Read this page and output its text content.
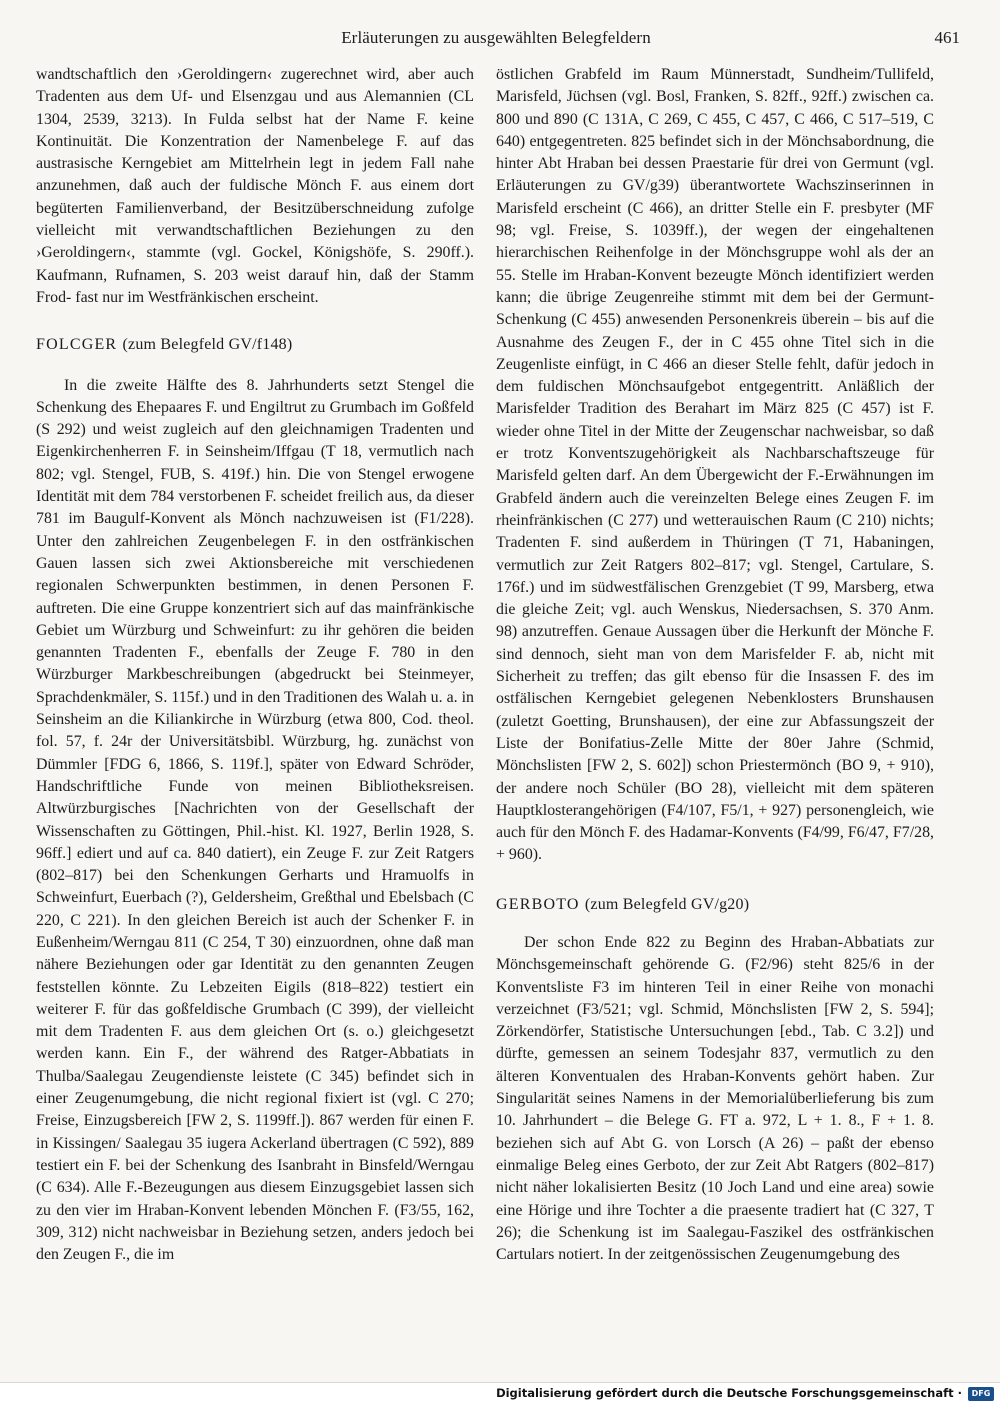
Erläuterungen zu ausgewählten Belegfeldern	461

wandtschaftlich den ›Geroldingern‹ zugerechnet wird, aber auch Tradenten aus dem Uf- und Elsenzgau und aus Alemannien (CL 1304, 2539, 3213). In Fulda selbst hat der Name F. keine Kontinuität. Die Konzentration der Namenbelege F. auf das austrasische Kerngebiet am Mittelrhein legt in jedem Fall nahe anzunehmen, daß auch der fuldische Mönch F. aus einem dort begüterten Familienverband, der Besitzüberschneidung zufolge vielleicht mit verwandtschaftlichen Beziehungen zu den ›Geroldingern‹, stammte (vgl. Gockel, Königshöfe, S. 290ff.). Kaufmann, Rufnamen, S. 203 weist darauf hin, daß der Stamm Frod- fast nur im Westfränkischen erscheint.

FOLCGER (zum Belegfeld GV/f148)

In die zweite Hälfte des 8. Jahrhunderts setzt Stengel die Schenkung des Ehepaares F. und Engiltrut zu Grumbach im Goßfeld (S 292) und weist zugleich auf den gleichnamigen Tradenten und Eigenkirchenherren F. in Seinsheim/Iffgau (T 18, vermutlich nach 802; vgl. Stengel, FUB, S. 419f.) hin. Die von Stengel erwogene Identität mit dem 784 verstorbenen F. scheidet freilich aus, da dieser 781 im Baugulf-Konvent als Mönch nachzuweisen ist (F1/228). Unter den zahlreichen Zeugenbelegen F. in den ostfränkischen Gauen lassen sich zwei Aktionsbereiche mit verschiedenen regionalen Schwerpunkten bestimmen, in denen Personen F. auftreten. Die eine Gruppe konzentriert sich auf das mainfränkische Gebiet um Würzburg und Schweinfurt: zu ihr gehören die beiden genannten Tradenten F., ebenfalls der Zeuge F. 780 in den Würzburger Markbeschreibungen (abgedruckt bei Steinmeyer, Sprachdenkmäler, S. 115f.) und in den Traditionen des Walah u. a. in Seinsheim an die Kiliankirche in Würzburg (etwa 800, Cod. theol. fol. 57, f. 24r der Universitätsbibl. Würzburg, hg. zunächst von Dümmler [FDG 6, 1866, S. 119f.], später von Edward Schröder, Handschriftliche Funde von meinen Bibliotheksreisen. Altwürzburgisches [Nachrichten von der Gesellschaft der Wissenschaften zu Göttingen, Phil.-hist. Kl. 1927, Berlin 1928, S. 96ff.] ediert und auf ca. 840 datiert), ein Zeuge F. zur Zeit Ratgers (802–817) bei den Schenkungen Gerharts und Hramuolfs in Schweinfurt, Euerbach (?), Geldersheim, Greßthal und Ebelsbach (C 220, C 221). In den gleichen Bereich ist auch der Schenker F. in Eußenheim/Werngau 811 (C 254, T 30) einzuordnen, ohne daß man nähere Beziehungen oder gar Identität zu den genannten Zeugen feststellen könnte. Zu Lebzeiten Eigils (818–822) testiert ein weiterer F. für das goßfeldische Grumbach (C 399), der vielleicht mit dem Tradenten F. aus dem gleichen Ort (s. o.) gleichgesetzt werden kann. Ein F., der während des Ratger-Abbatiats in Thulba/Saalegau Zeugendienste leistete (C 345) befindet sich in einer Zeugenumgebung, die nicht regional fixiert ist (vgl. C 270; Freise, Einzugsbereich [FW 2, S. 1199ff.]). 867 werden für einen F. in Kissingen/ Saalegau 35 iugera Ackerland übertragen (C 592), 889 testiert ein F. bei der Schenkung des Isanbraht in Binsfeld/Werngau (C 634). Alle F.-Bezeugungen aus diesem Einzugsgebiet lassen sich zu den vier im Hraban-Konvent lebenden Mönchen F. (F3/55, 162, 309, 312) nicht nachweisbar in Beziehung setzen, anders jedoch bei den Zeugen F., die im

östlichen Grabfeld im Raum Münnerstadt, Sundheim/Tullifeld, Marisfeld, Jüchsen (vgl. Bosl, Franken, S. 82ff., 92ff.) zwischen ca. 800 und 890 (C 131A, C 269, C 455, C 457, C 466, C 517–519, C 640) entgegentreten. 825 befindet sich in der Mönchsabordnung, die hinter Abt Hraban bei dessen Praestarie für drei von Germunt (vgl. Erläuterungen zu GV/g39) überantwortete Wachszinserinnen in Marisfeld erscheint (C 466), an dritter Stelle ein F. presbyter (MF 98; vgl. Freise, S. 1039ff.), der wegen der eingehaltenen hierarchischen Reihenfolge in der Mönchsgruppe wohl als der an 55. Stelle im Hraban-Konvent bezeugte Mönch identifiziert werden kann; die übrige Zeugenreihe stimmt mit dem bei der Germunt-Schenkung (C 455) anwesenden Personenkreis überein – bis auf die Ausnahme des Zeugen F., der in C 455 ohne Titel sich in die Zeugenliste einfügt, in C 466 an dieser Stelle fehlt, dafür jedoch in dem fuldischen Mönchsaufgebot entgegentritt. Anläßlich der Marisfelder Tradition des Berahart im März 825 (C 457) ist F. wieder ohne Titel in der Mitte der Zeugenschar nachweisbar, so daß er trotz Konventszugehörigkeit als Nachbarschaftszeuge für Marisfeld gelten darf. An dem Übergewicht der F.-Erwähnungen im Grabfeld ändern auch die vereinzelten Belege eines Zeugen F. im rheinfränkischen (C 277) und wetterauischen Raum (C 210) nichts; Tradenten F. sind außerdem in Thüringen (T 71, Habaningen, vermutlich zur Zeit Ratgers 802–817; vgl. Stengel, Cartulare, S. 176f.) und im südwestfälischen Grenzgebiet (T 99, Marsberg, etwa die gleiche Zeit; vgl. auch Wenskus, Niedersachsen, S. 370 Anm. 98) anzutreffen. Genaue Aussagen über die Herkunft der Mönche F. sind dennoch, sieht man von dem Marisfelder F. ab, nicht mit Sicherheit zu treffen; das gilt ebenso für die Insassen F. des im ostfälischen Kerngebiet gelegenen Nebenklosters Brunshausen (zuletzt Goetting, Brunshausen), der eine zur Abfassungszeit der Liste der Bonifatius-Zelle Mitte der 80er Jahre (Schmid, Mönchslisten [FW 2, S. 602]) schon Priestermönch (BO 9, + 910), der andere noch Schüler (BO 28), vielleicht mit dem späteren Hauptklosterangehörigen (F4/107, F5/1, + 927) personengleich, wie auch für den Mönch F. des Hadamar-Konvents (F4/99, F6/47, F7/28, + 960).

GERBOTO (zum Belegfeld GV/g20)

Der schon Ende 822 zu Beginn des Hraban-Abbatiats zur Mönchsgemeinschaft gehörende G. (F2/96) steht 825/6 in der Konventsliste F3 im hinteren Teil in einer Reihe von monachi verzeichnet (F3/521; vgl. Schmid, Mönchslisten [FW 2, S. 594]; Zörkendörfer, Statistische Untersuchungen [ebd., Tab. C 3.2]) und dürfte, gemessen an seinem Todesjahr 837, vermutlich zu den älteren Konventualen des Hraban-Konvents gehört haben. Zur Singularität seines Namens in der Memorialüberlieferung bis zum 10. Jahrhundert – die Belege G. FT a. 972, L + 1. 8., F + 1. 8. beziehen sich auf Abt G. von Lorsch (A 26) – paßt der ebenso einmalige Beleg eines Gerboto, der zur Zeit Abt Ratgers (802–817) nicht näher lokalisierten Besitz (10 Joch Land und eine area) sowie eine Hörige und ihre Tochter a die praesente tradiert hat (C 327, T 26); die Schenkung ist im Saalegau-Faszikel des ostfränkischen Cartulars notiert. In der zeitgenössischen Zeugenumgebung des

Digitalisierung gefördert durch die Deutsche Forschungsgemeinschaft ·	DFG
